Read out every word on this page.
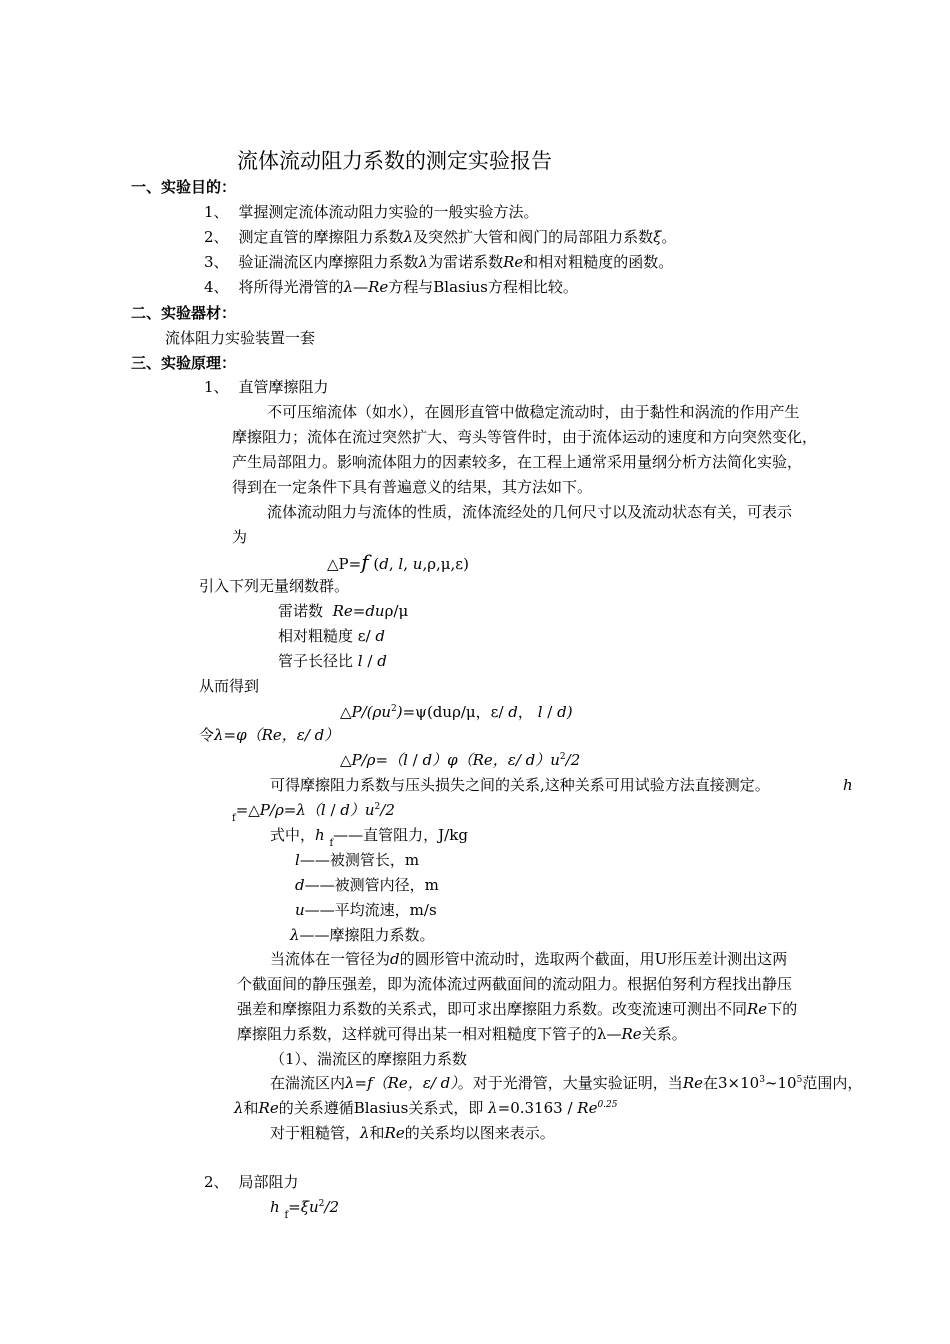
流体流动阻力系数的测定实验报告
一、实验目的：
1、 掌握测定流体流动阻力实验的一般实验方法。
2、 测定直管的摩擦阻力系数λ及突然扩大管和阀门的局部阻力系数ξ。
3、 验证湍流区内摩擦阻力系数λ为雷诺系数Re和相对粗糙度的函数。
4、 将所得光滑管的λ—Re方程与Blasius方程相比较。
二、实验器材：
流体阻力实验装置一套
三、实验原理：
1、 直管摩擦阻力
不可压缩流体（如水），在圆形直管中做稳定流动时，由于黏性和涡流的作用产生
摩擦阻力；流体在流过突然扩大、弯头等管件时，由于流体运动的速度和方向突然变化，
产生局部阻力。影响流体阻力的因素较多，在工程上通常采用量纲分析方法简化实验，
得到在一定条件下具有普遍意义的结果，其方法如下。
流体流动阻力与流体的性质，流体流经处的几何尺寸以及流动状态有关，可表示
为
△P=f (d, l, u,ρ,μ,ε)
引入下列无量纲数群。
雷诺数 Re=duρ/μ
相对粗糙度 ε/ d
管子长径比 l / d
从而得到
$\triangle P/(\rho u^2)=\psi(du\rho/\mu$，ε/ d， l / d)
令λ=φ（Re，ε/ d）
△P/ρ=（l / d）φ（Re，ε/ $d)u^2/2$
可得摩擦阻力系数与压头损失之间的关系,这种关系可用试验方法直接测定。	h
$_f$=△P/ρ=λ（l / $d)u^2/2$
式中，h $_f$——直管阻力，J/kg
l——被测管长，m
d——被测管内径，m
u——平均流速，m/s
λ——摩擦阻力系数。
当流体在一管径为d的圆形管中流动时，选取两个截面，用U形压差计测出这两
个截面间的静压强差，即为流体流过两截面间的流动阻力。根据伯努利方程找出静压
强差和摩擦阻力系数的关系式，即可求出摩擦阻力系数。改变流速可测出不同Re下的
摩擦阻力系数，这样就可得出某一相对粗糙度下管子的λ—Re关系。
（1）、湍流区的摩擦阻力系数
在湍流区内λ=f（Re，ε/ d）。对于光滑管，大量实验证明，当Re在$3\times 10^3\sim 10^5$范围内，
λ和Re的关系遵循Blasius关系式，即 $\lambda=0.3163 / Re^{0.25}$
对于粗糙管，λ和Re的关系均以图来表示。
2、 局部阻力
h $_f=\xi u^2/2$
